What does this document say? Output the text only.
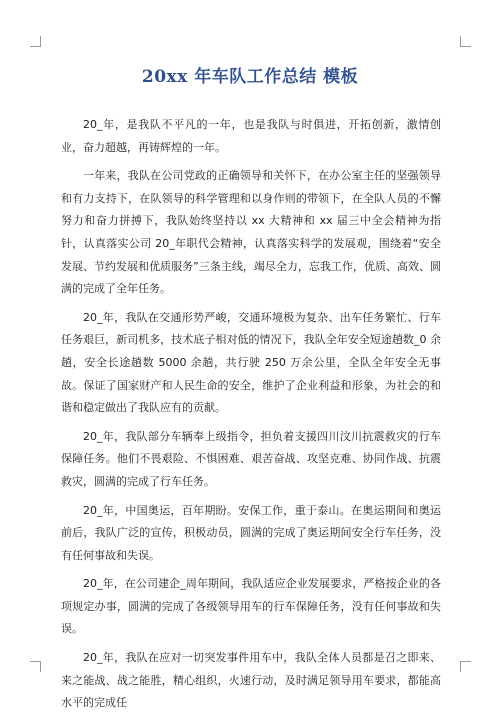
20xx 年车队工作总结 模板

20_年，是我队不平凡的一年，也是我队与时俱进，开拓创新，激情创业，奋力超越，再铸辉煌的一年。

一年来，我队在公司党政的正确领导和关怀下，在办公室主任的坚强领导和有力支持下，在队领导的科学管理和以身作则的带领下，在全队人员的不懈努力和奋力拼搏下，我队始终坚持以 xx 大精神和 xx 届三中全会精神为指针，认真落实公司 20_年职代会精神，认真落实科学的发展观，围绕着“安全发展、节约发展和优质服务”三条主线，竭尽全力，忘我工作，优质、高效、圆满的完成了全年任务。

20_年，我队在交通形势严峻，交通环境极为复杂、出车任务繁忙、行车任务艰巨，新司机多，技术底子相对低的情况下，我队全年安全短途趟数_0 余趟，安全长途趟数 5000 余趟，共行驶 250 万余公里，全队全年安全无事故。保证了国家财产和人民生命的安全，维护了企业利益和形象，为社会的和谐和稳定做出了我队应有的贡献。

20_年，我队部分车辆奉上级指令，担负着支援四川汶川抗震救灾的行车保障任务。他们不畏艰险、不惧困难、艰苦奋战、攻坚克难、协同作战、抗震救灾，圆满的完成了行车任务。

20_年，中国奥运，百年期盼。安保工作，重于泰山。在奥运期间和奥运前后，我队广泛的宣传，积极动员，圆满的完成了奥运期间安全行车任务，没有任何事故和失误。

20_年，在公司建企_周年期间，我队适应企业发展要求，严格按企业的各项规定办事，圆满的完成了各级领导用车的行车保障任务，没有任何事故和失误。

20_年，我队在应对一切突发事件用车中，我队全体人员都是召之即来、来之能战、战之能胜，精心组织，火速行动，及时满足领导用车要求，都能高水平的完成任
